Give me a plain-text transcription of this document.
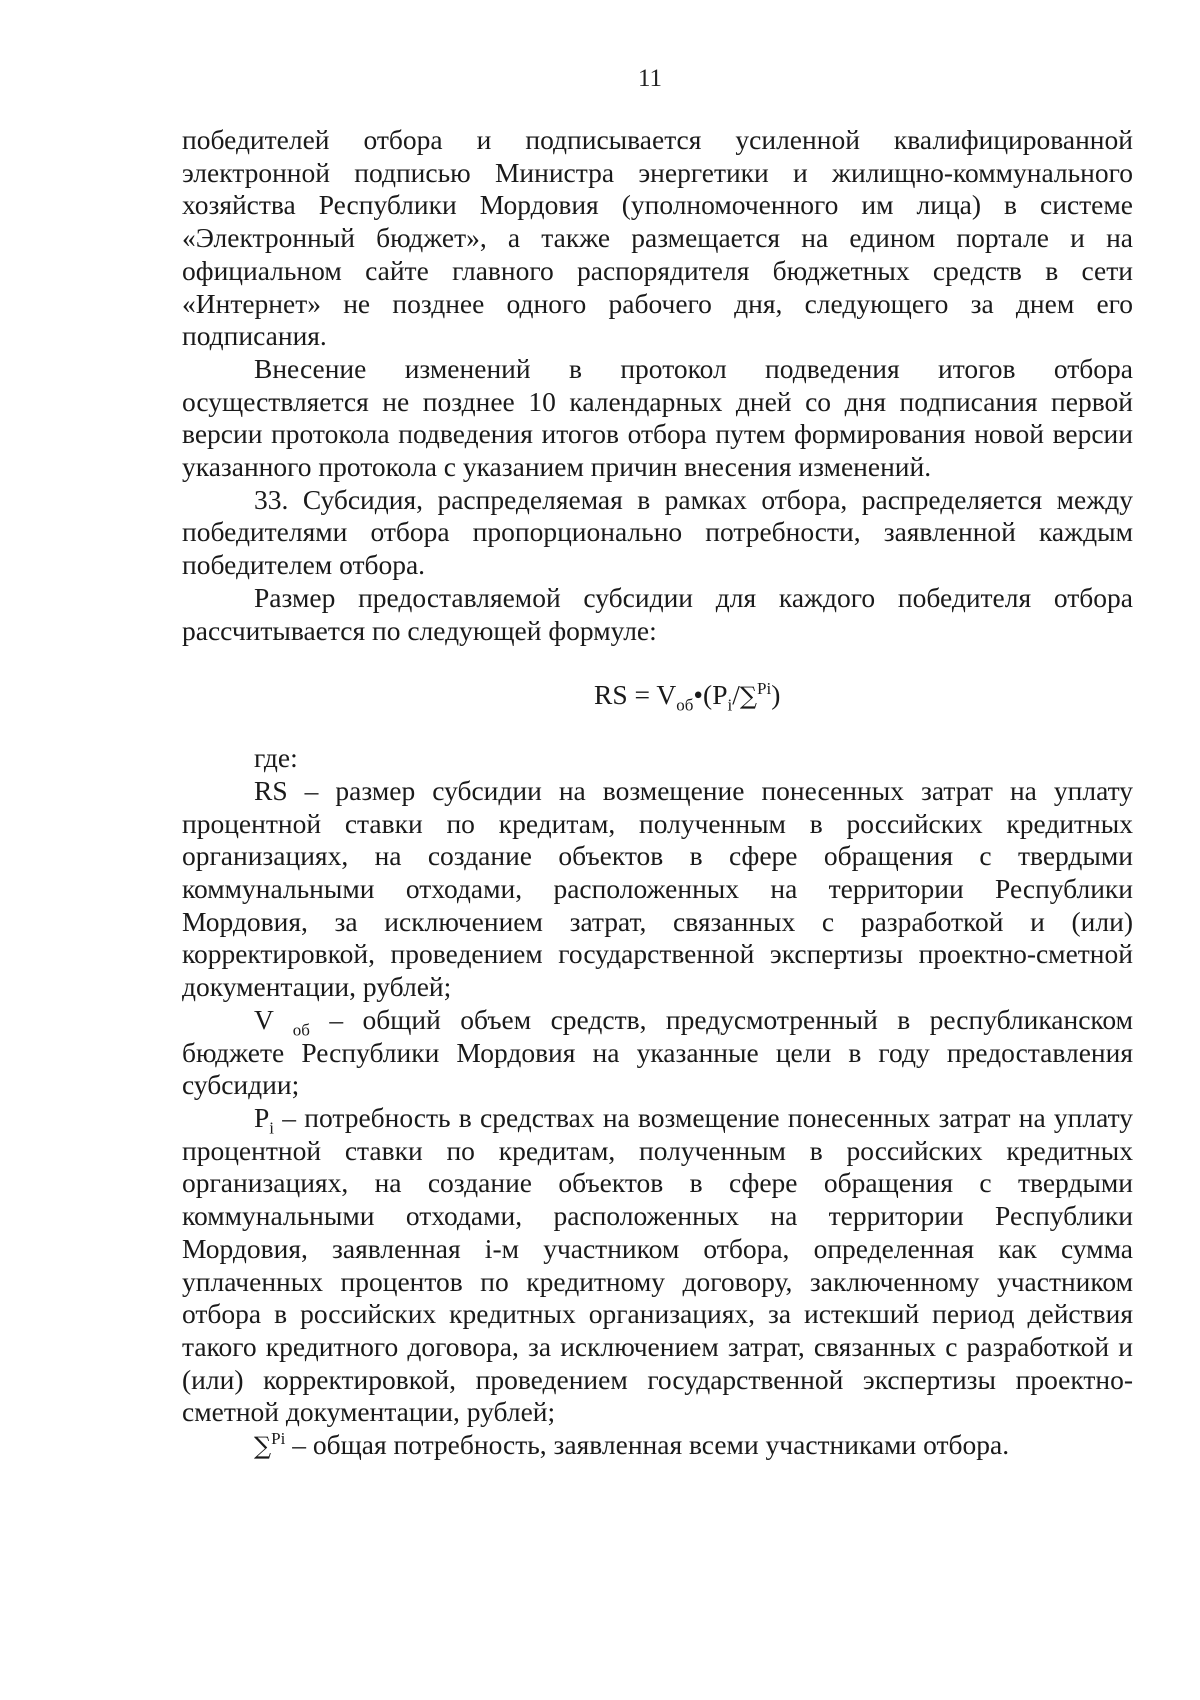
11

победителей отбора и подписывается усиленной квалифицированной электронной подписью Министра энергетики и жилищно-коммунального хозяйства Республики Мордовия (уполномоченного им лица) в системе «Электронный бюджет», а также размещается на едином портале и на официальном сайте главного распорядителя бюджетных средств в сети «Интернет» не позднее одного рабочего дня, следующего за днем его подписания.

Внесение изменений в протокол подведения итогов отбора осуществляется не позднее 10 календарных дней со дня подписания первой версии протокола подведения итогов отбора путем формирования новой версии указанного протокола с указанием причин внесения изменений.

33. Субсидия, распределяемая в рамках отбора, распределяется между победителями отбора пропорционально потребности, заявленной каждым победителем отбора.

Размер предоставляемой субсидии для каждого победителя отбора рассчитывается по следующей формуле:

RS = $V_{об}•(P_i/\sum^{Pi})$

где:

RS – размер субсидии на возмещение понесенных затрат на уплату процентной ставки по кредитам, полученным в российских кредитных организациях, на создание объектов в сфере обращения с твердыми коммунальными отходами, расположенных на территории Республики Мордовия, за исключением затрат, связанных с разработкой и (или) корректировкой, проведением государственной экспертизы проектно-сметной документации, рублей;

V $_{об}$ – общий объем средств, предусмотренный в республиканском бюджете Республики Мордовия на указанные цели в году предоставления субсидии;

$P_i$ – потребность в средствах на возмещение понесенных затрат на уплату процентной ставки по кредитам, полученным в российских кредитных организациях, на создание объектов в сфере обращения с твердыми коммунальными отходами, расположенных на территории Республики Мордовия, заявленная i-м участником отбора, определенная как сумма уплаченных процентов по кредитному договору, заключенному участником отбора в российских кредитных организациях, за истекший период действия такого кредитного договора, за исключением затрат, связанных с разработкой и (или) корректировкой, проведением государственной экспертизы проектно-сметной документации, рублей;

∑$^{Pi}$ – общая потребность, заявленная всеми участниками отбора.
